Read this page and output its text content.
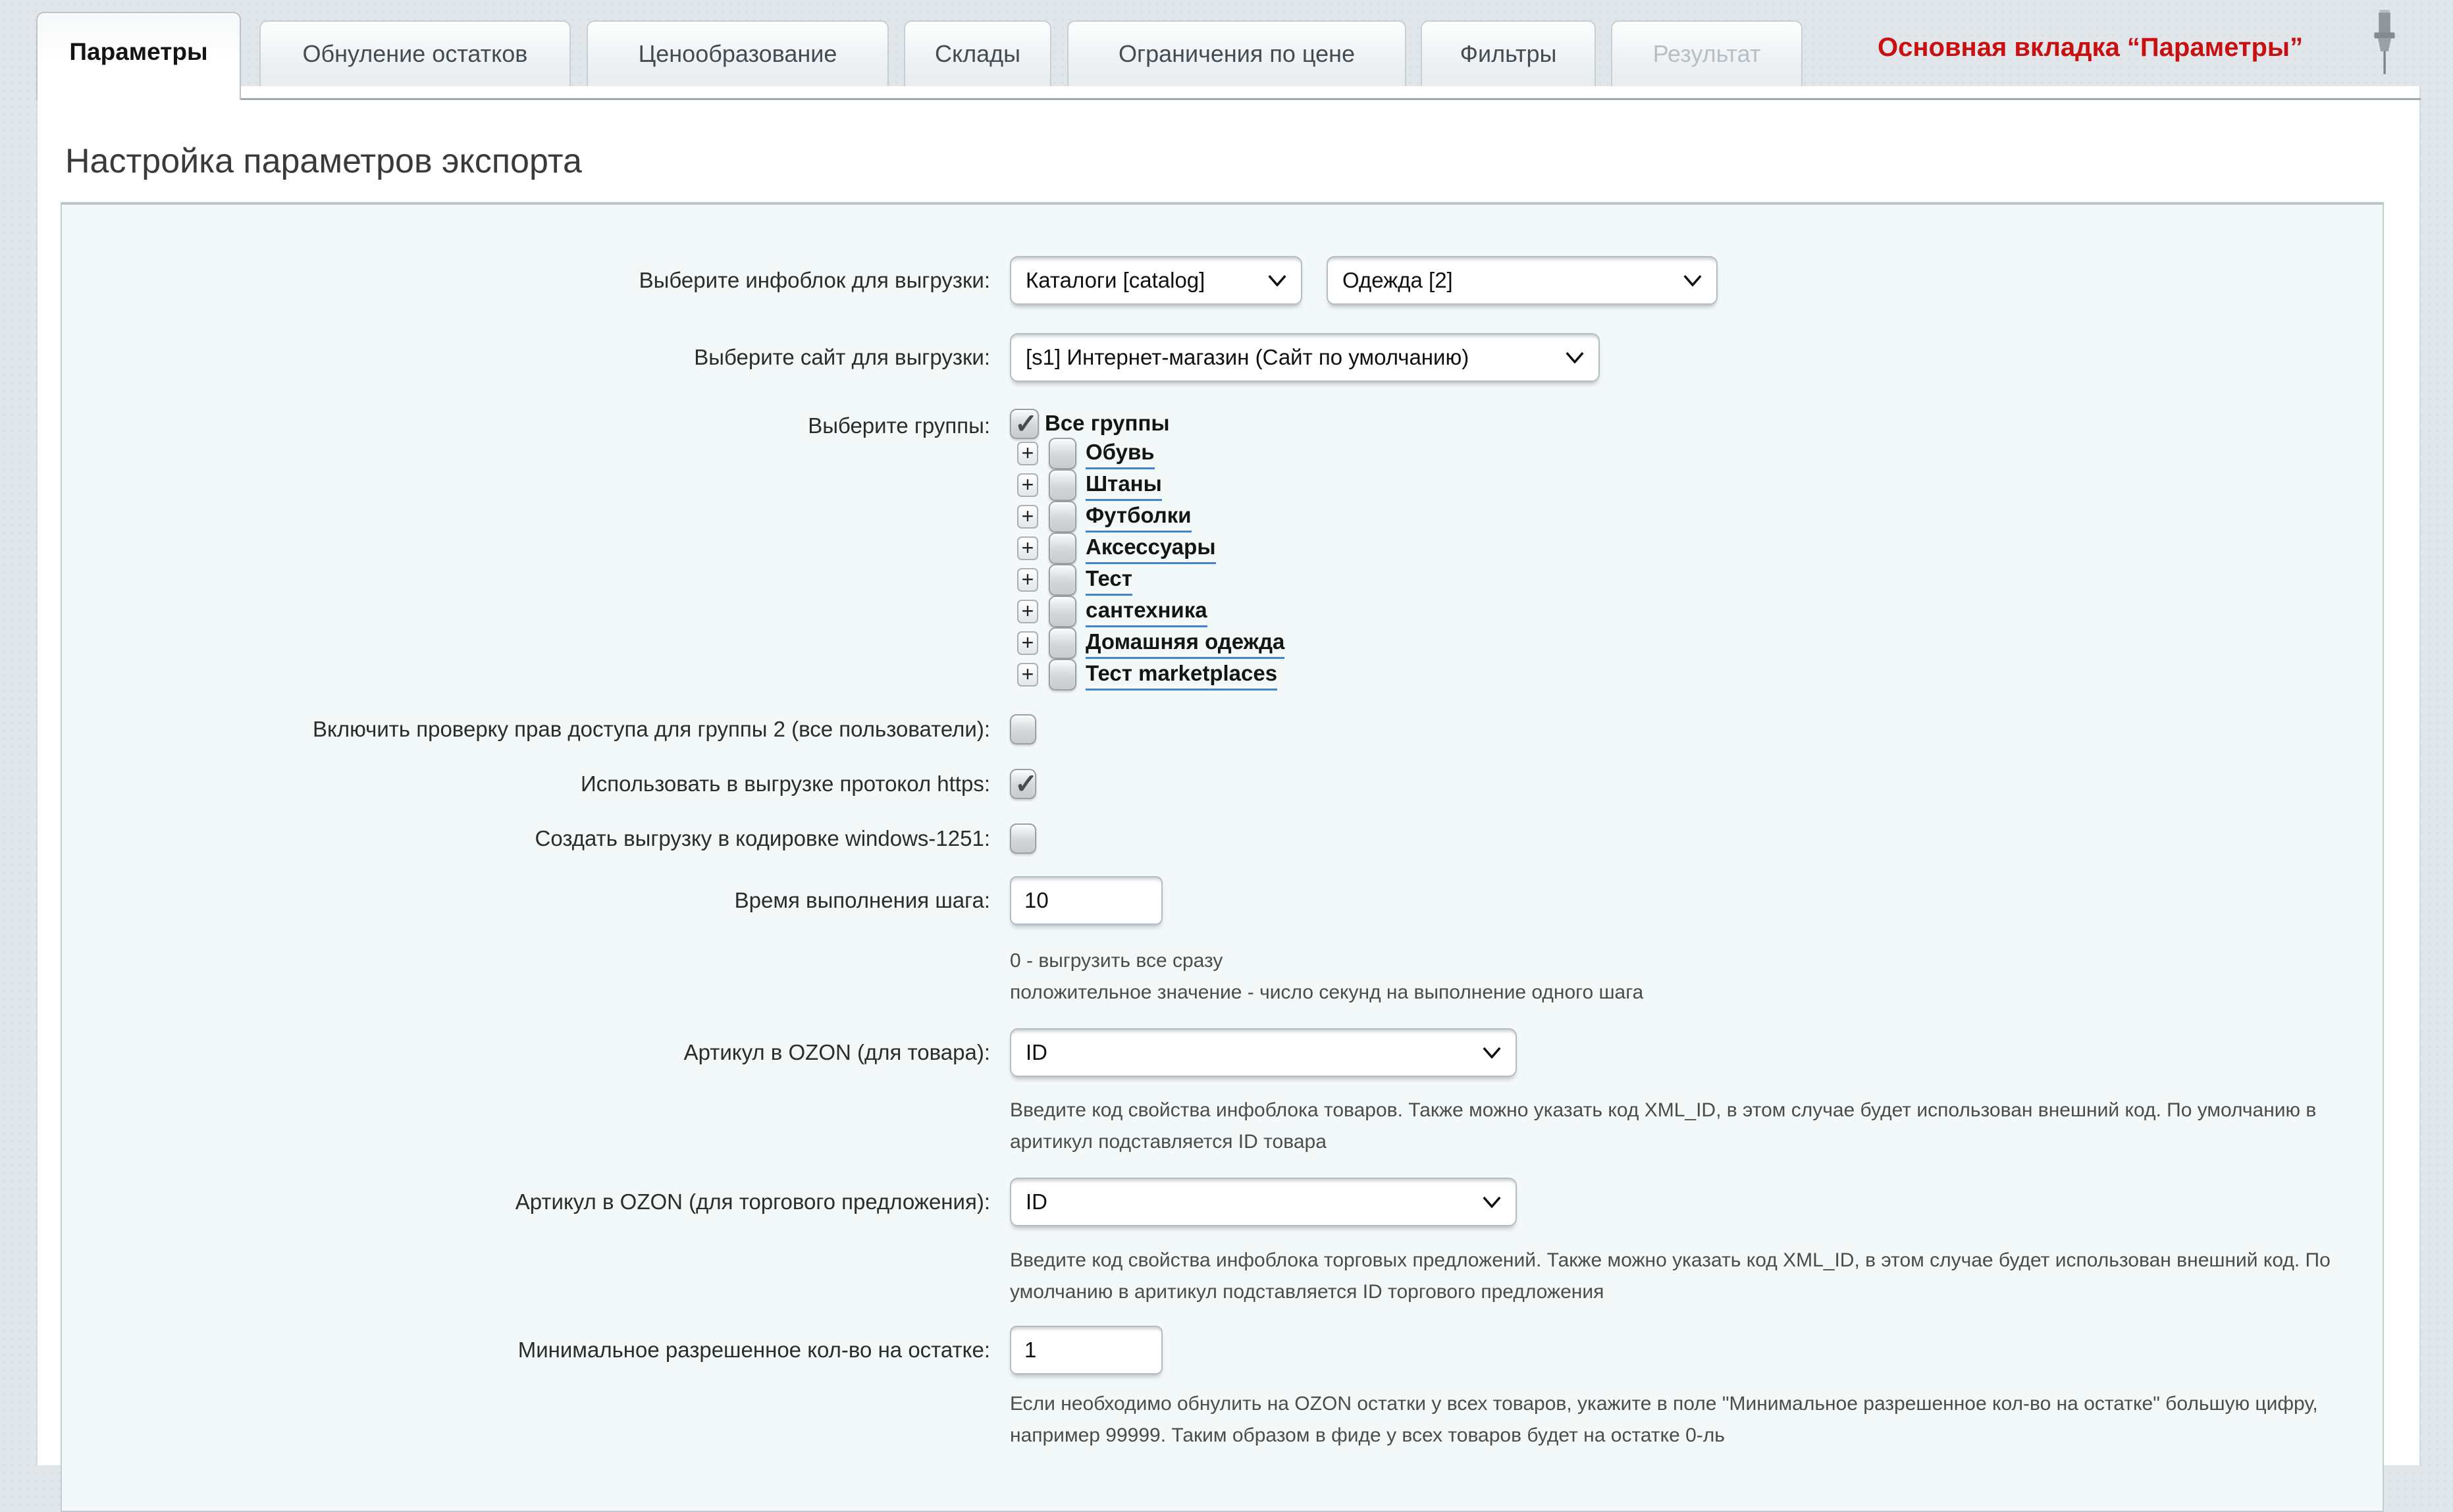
Параметры	Обнуление остатков	Ценообразование	Склады	Ограничения по цене	Фильтры	Результат	Основная вкладка “Параметры”
Настройка параметров экспорта
Выберите инфоблок для выгрузки: Каталоги [catalog]	Одежда [2]
Выберите сайт для выгрузки: [s1] Интернет-магазин (Сайт по умолчанию)
Выберите группы: ✓ Все группы
+ Обувь
+ Штаны
+ Футболки
+ Аксессуары
+ Тест
+ сантехника
+ Домашняя одежда
+ Тест marketplaces
Включить проверку прав доступа для группы 2 (все пользователи):
Использовать в выгрузке протокол https: ✓
Создать выгрузку в кодировке windows-1251:
Время выполнения шага:
10
0 - выгрузить все сразу
положительное значение - число секунд на выполнение одного шага
Артикул в OZON (для товара): ID
Введите код свойства инфоблока товаров. Также можно указать код XML_ID, в этом случае будет использован внешний код. По умолчанию в аритикул подставляется ID товара
Артикул в OZON (для торгового предложения): ID
Введите код свойства инфоблока торговых предложений. Также можно указать код XML_ID, в этом случае будет использован внешний код. По умолчанию в аритикул подставляется ID торгового предложения
Минимальное разрешенное кол-во на остатке:
1
Если необходимо обнулить на OZON остатки у всех товаров, укажите в поле "Минимальное разрешенное кол-во на остатке" большую цифру, например 99999. Таким образом в фиде у всех товаров будет на остатке 0-ль
